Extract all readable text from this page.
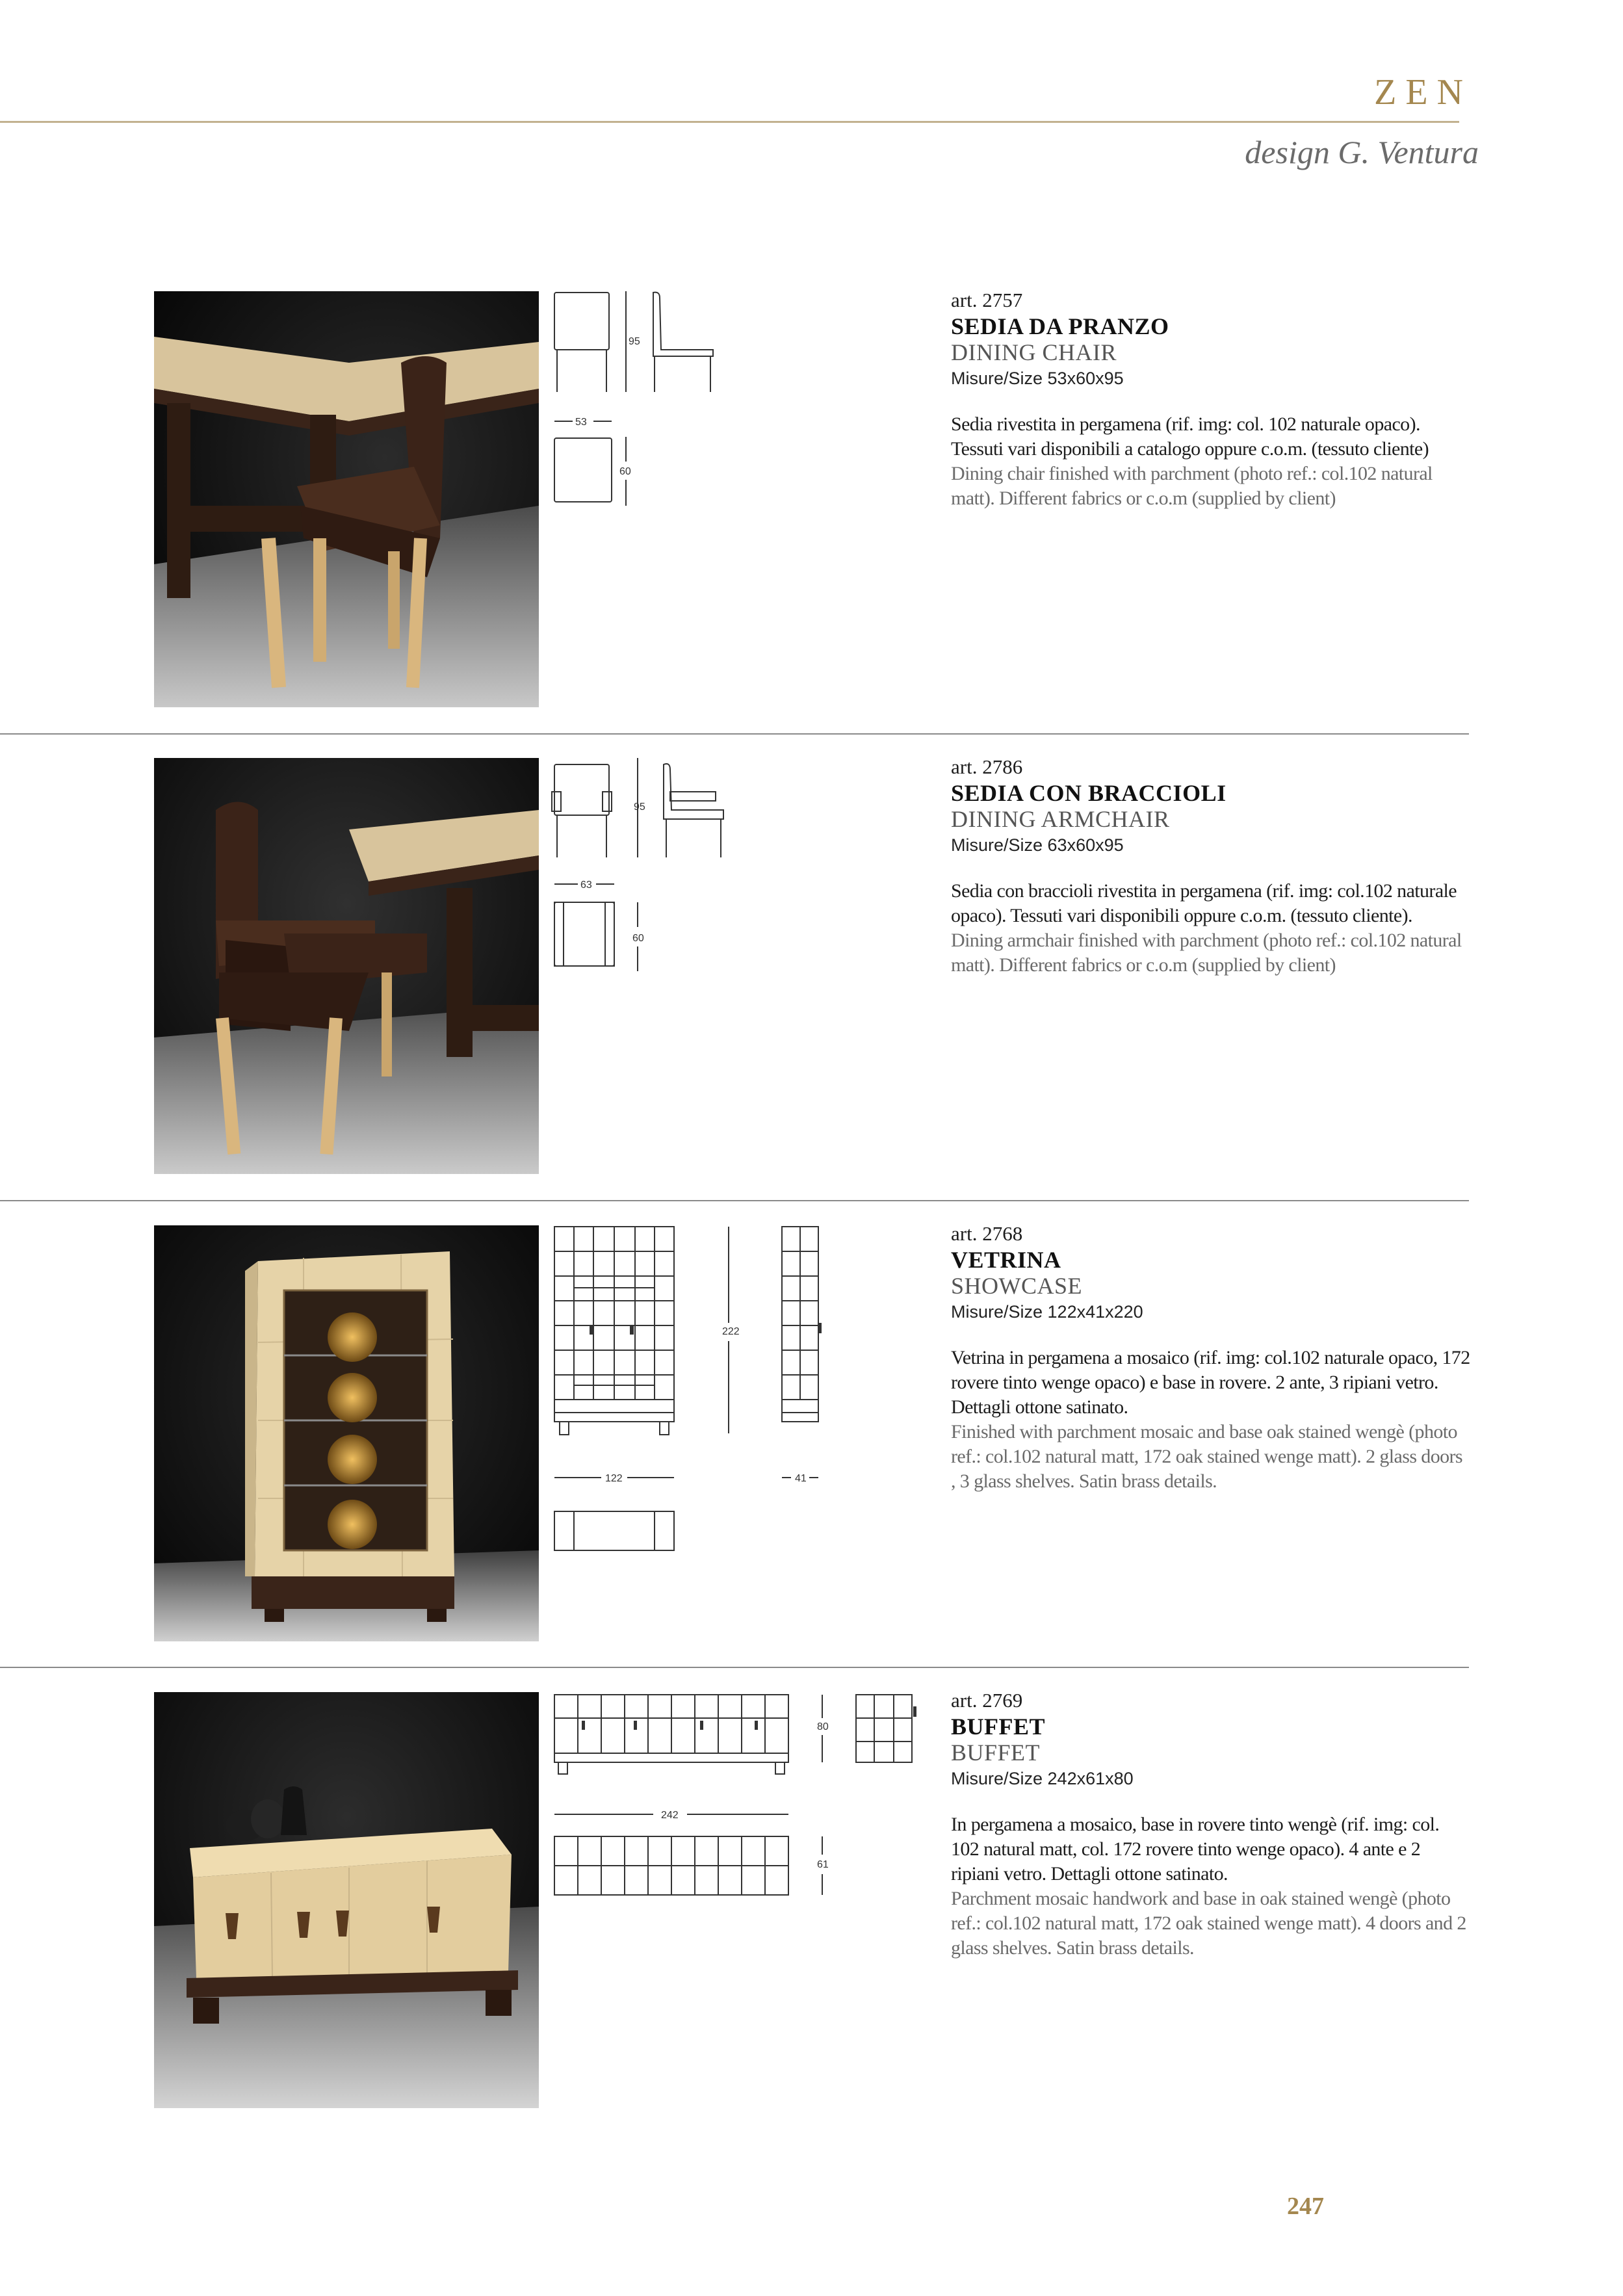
ZEN
design G. Ventura
95
53
60
art. 2757
SEDIA DA PRANZO
DINING CHAIR
Misure/Size 53x60x95
Sedia rivestita in pergamena (rif. img: col. 102 naturale opaco). Tessuti vari disponibili a catalogo oppure c.o.m. (tessuto cliente)
Dining chair finished with parchment (photo ref.: col.102 natural matt). Different fabrics or c.o.m (supplied by client)
95
63
60
art. 2786
SEDIA CON BRACCIOLI
DINING ARMCHAIR
Misure/Size 63x60x95
Sedia con braccioli rivestita in pergamena (rif. img: col.102 naturale opaco). Tessuti vari disponibili oppure c.o.m. (tessuto cliente).
Dining armchair finished with parchment (photo ref.: col.102 natural matt). Different fabrics or c.o.m (supplied by client)
222
122	41
art. 2768
VETRINA
SHOWCASE
Misure/Size 122x41x220
Vetrina in pergamena a mosaico (rif. img: col.102 naturale opaco, 172 rovere tinto wenge opaco) e base in rovere. 2 ante, 3 ripiani vetro. Dettagli ottone satinato.
Finished with parchment mosaic and base oak stained wengè (photo ref.: col.102 natural matt, 172 oak stained wenge matt). 2 glass doors , 3 glass shelves. Satin brass details.
80
242
61
art. 2769
BUFFET
BUFFET
Misure/Size 242x61x80
In pergamena a mosaico, base in rovere tinto wengè (rif. img: col. 102 natural matt, col. 172 rovere tinto wenge opaco). 4 ante e 2 ripiani vetro. Dettagli ottone satinato.
Parchment mosaic handwork and base in oak stained wengè (photo ref.: col.102 natural matt, 172 oak stained wenge matt). 4 doors and 2 glass shelves. Satin brass details.
247
